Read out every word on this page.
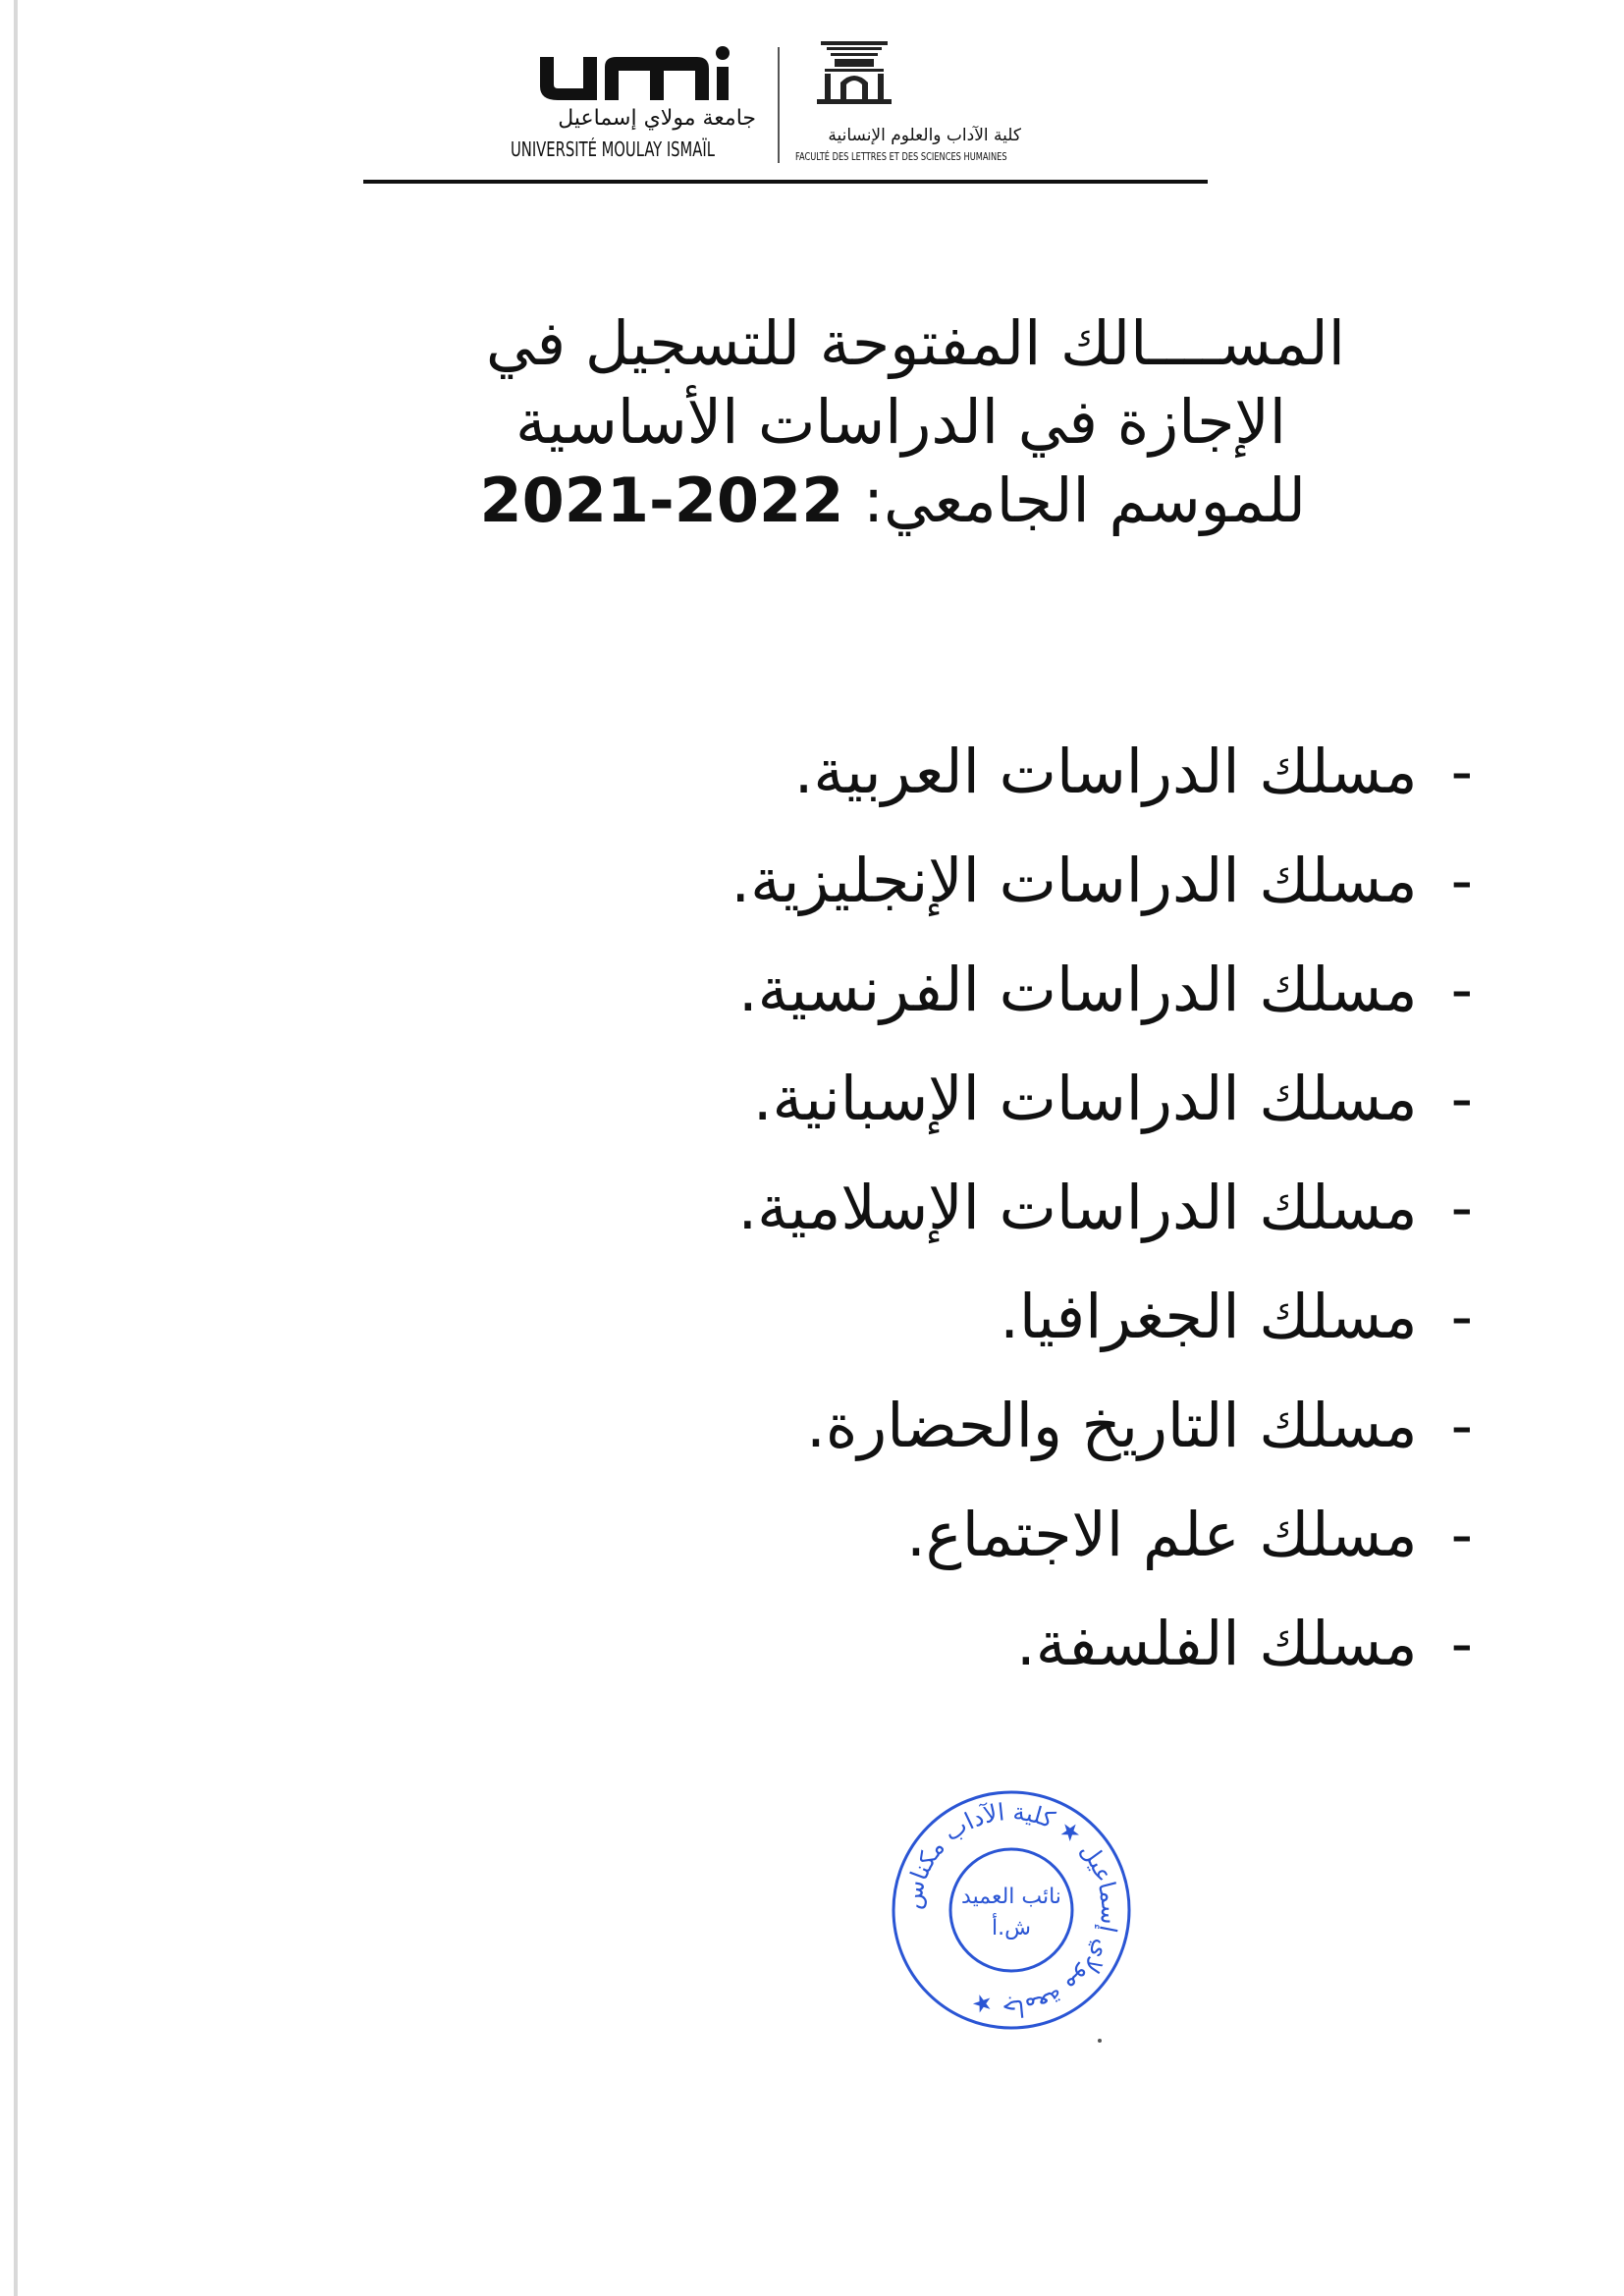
جامعة مولاي إسماعيل
UNIVERSITÉ MOULAY ISMAÏL
كلية الآداب والعلوم الإنسانية
FACULTÉ DES LETTRES ET DES SCIENCES HUMAINES
المســــالك المفتوحة للتسجيل في
الإجازة في الدراسات الأساسية
للموسم الجامعي: 2021-2022
-مسلك الدراسات العربية.
-مسلك الدراسات الإنجليزية.
-مسلك الدراسات الفرنسية.
-مسلك الدراسات الإسبانية.
-مسلك الدراسات الإسلامية.
-مسلك الجغرافيا.
-مسلك التاريخ والحضارة.
-مسلك علم الاجتماع.
-مسلك الفلسفة.
جامعة مولاي إسماعيل ★ كلية الآداب مكناس ★
نائب العميد
ش.أ
